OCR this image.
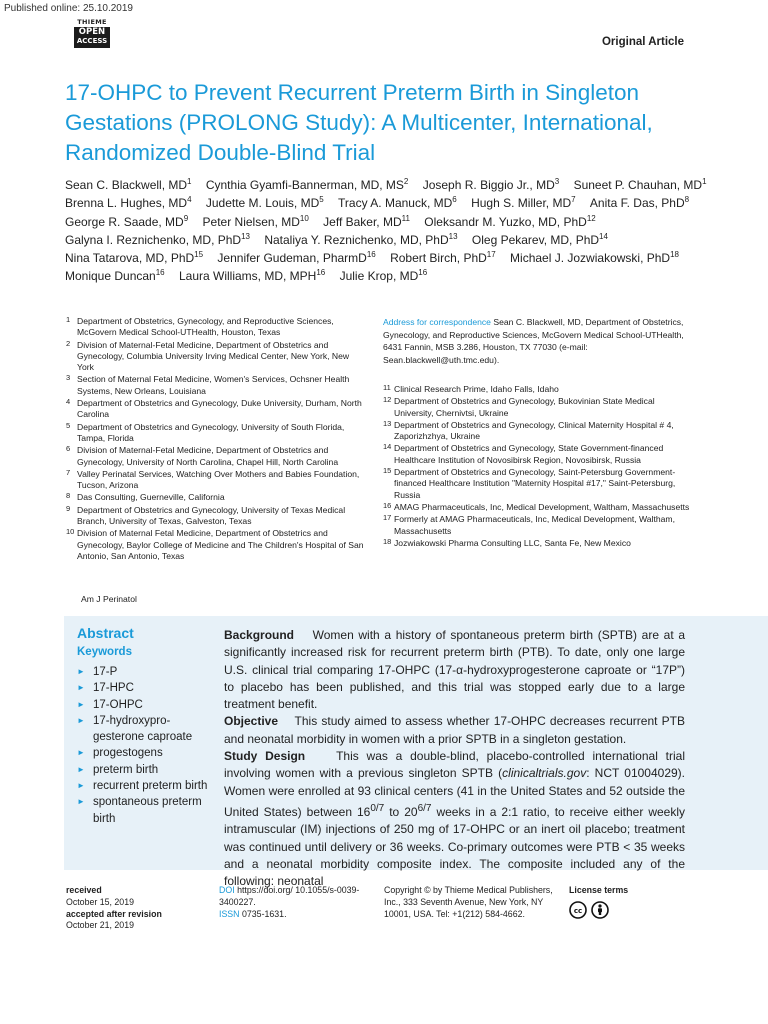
Published online: 25.10.2019
THIEME
OPEN
ACCESS	Original Article
17-OHPC to Prevent Recurrent Preterm Birth in Singleton Gestations (PROLONG Study): A Multicenter, International, Randomized Double-Blind Trial
Sean C. Blackwell, $MD^1$ Cynthia Gyamfi-Bannerman, MD, $MS^2$ Joseph R. Biggio Jr., $MD^3$ Suneet P. Chauhan, $MD^1$ Brenna L. Hughes, $MD^4$ Judette M. Louis, $MD^5$ Tracy A. Manuck, $MD^6$ Hugh S. Miller, $MD^7$ Anita F. Das, PhD$^8$ George R. Saade, $MD^9$ Peter Nielsen, MD$^{10}$ Jeff Baker, MD$^{11}$ Oleksandr M. Yuzko, MD, PhD$^{12}$ Galyna I. Reznichenko, MD, PhD$^{13}$ Nataliya Y. Reznichenko, MD, PhD$^{13}$ Oleg Pekarev, MD, PhD$^{14}$ Nina Tatarova, MD, PhD$^{15}$ Jennifer Gudeman, PharmD$^{16}$ Robert Birch, PhD$^{17}$ Michael J. Jozwiakowski, PhD$^{18}$ Monique Duncan$^{16}$ Laura Williams, MD, MPH$^{16}$ Julie Krop, MD$^{16}$
1 Department of Obstetrics, Gynecology, and Reproductive Sciences, McGovern Medical School-UTHealth, Houston, Texas
2 Division of Maternal-Fetal Medicine, Department of Obstetrics and Gynecology, Columbia University Irving Medical Center, New York, New York
3 Section of Maternal Fetal Medicine, Women's Services, Ochsner Health Systems, New Orleans, Louisiana
4 Department of Obstetrics and Gynecology, Duke University, Durham, North Carolina
5 Department of Obstetrics and Gynecology, University of South Florida, Tampa, Florida
6 Division of Maternal-Fetal Medicine, Department of Obstetrics and Gynecology, University of North Carolina, Chapel Hill, North Carolina
7 Valley Perinatal Services, Watching Over Mothers and Babies Foundation, Tucson, Arizona
8 Das Consulting, Guerneville, California
9 Department of Obstetrics and Gynecology, University of Texas Medical Branch, University of Texas, Galveston, Texas
10 Division of Maternal Fetal Medicine, Department of Obstetrics and Gynecology, Baylor College of Medicine and The Children's Hospital of San Antonio, San Antonio, Texas
Address for correspondence Sean C. Blackwell, MD, Department of Obstetrics, Gynecology, and Reproductive Sciences, McGovern Medical School-UTHealth, 6431 Fannin, MSB 3.286, Houston, TX 77030 (e-mail: Sean.blackwell@uth.tmc.edu).
11 Clinical Research Prime, Idaho Falls, Idaho
12 Department of Obstetrics and Gynecology, Bukovinian State Medical University, Chernivtsi, Ukraine
13 Department of Obstetrics and Gynecology, Clinical Maternity Hospital # 4, Zaporizhzhya, Ukraine
14 Department of Obstetrics and Gynecology, State Government-financed Healthcare Institution of Novosibirsk Region, Novosibirsk, Russia
15 Department of Obstetrics and Gynecology, Saint-Petersburg Government-financed Healthcare Institution "Maternity Hospital #17," Saint-Petersburg, Russia
16 AMAG Pharmaceuticals, Inc, Medical Development, Waltham, Massachusetts
17 Formerly at AMAG Pharmaceuticals, Inc, Medical Development, Waltham, Massachusetts
18 Jozwiakowski Pharma Consulting LLC, Santa Fe, New Mexico
Am J Perinatol
Abstract
Keywords
► 17-P
► 17-HPC
► 17-OHPC
► 17-hydroxypro-gesterone caproate
► progestogens
► preterm birth
► recurrent preterm birth
► spontaneous preterm birth

Background Women with a history of spontaneous preterm birth (SPTB) are at a significantly increased risk for recurrent preterm birth (PTB). To date, only one large U.S. clinical trial comparing 17-OHPC (17-α-hydroxyprogesterone caproate or “17P”) to placebo has been published, and this trial was stopped early due to a large treatment benefit.

Objective This study aimed to assess whether 17-OHPC decreases recurrent PTB and neonatal morbidity in women with a prior SPTB in a singleton gestation.

Study Design	This was a double-blind, placebo-controlled international trial involving women with a previous singleton SPTB (clinicaltrials.gov: NCT 01004029). Women were enrolled at 93 clinical centers (41 in the United States and 52 outside the United States) between $16^{0/7}$ to $20^{6/7}$ weeks in a 2:1 ratio, to receive either weekly intramuscular (IM) injections of 250 mg of 17-OHPC or an inert oil placebo; treatment was continued until delivery or 36 weeks. Co-primary outcomes were PTB < 35 weeks and a neonatal morbidity composite index. The composite included any of the following: neonatal

received
October 15, 2019
accepted after revision
October 21, 2019
DOI https://doi.org/ 10.1055/s-0039-3400227.
ISSN 0735-1631.
Copyright © by Thieme Medical Publishers, Inc., 333 Seventh Avenue, New York, NY 10001, USA. Tel: +1(212) 584-4662.
License terms
cc
